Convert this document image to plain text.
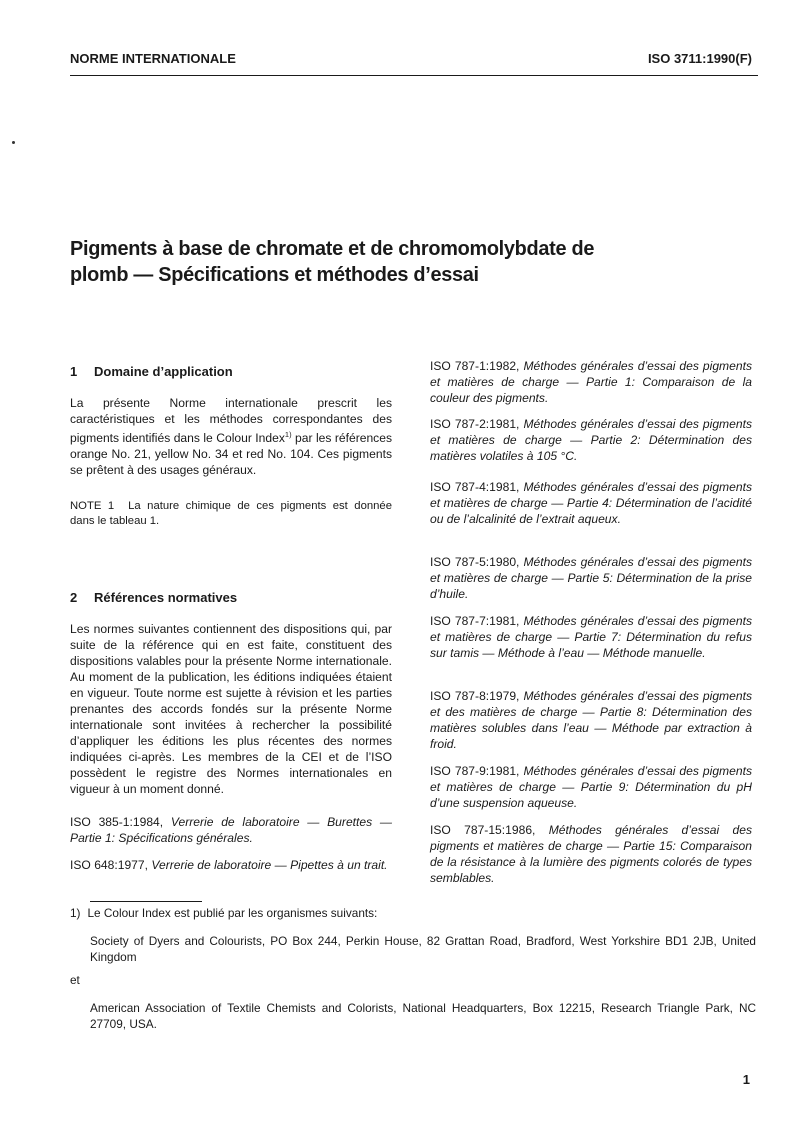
NORME INTERNATIONALE	ISO 3711:1990(F)
Pigments à base de chromate et de chromomolybdate de
plomb — Spécifications et méthodes d’essai
1 Domaine d’application
La présente Norme internationale prescrit les caractéristiques et les méthodes correspondantes des pigments identifiés dans le Colour Index$^{1)}$ par les références orange No. 21, yellow No. 34 et red No. 104. Ces pigments se prêtent à des usages généraux.
NOTE 1 La nature chimique de ces pigments est donnée dans le tableau 1.
2 Références normatives
Les normes suivantes contiennent des dispositions qui, par suite de la référence qui en est faite, constituent des dispositions valables pour la présente Norme internationale. Au moment de la publication, les éditions indiquées étaient en vigueur. Toute norme est sujette à révision et les parties prenantes des accords fondés sur la présente Norme internationale sont invitées à rechercher la possibilité d’appliquer les éditions les plus récentes des normes indiquées ci-après. Les membres de la CEI et de l’ISO possèdent le registre des Normes internationales en vigueur à un moment donné.
ISO 385-1:1984, Verrerie de laboratoire — Burettes — Partie 1: Spécifications générales.
ISO 648:1977, Verrerie de laboratoire — Pipettes à un trait.
ISO 787-1:1982, Méthodes générales d’essai des pigments et matières de charge — Partie 1: Comparaison de la couleur des pigments.
ISO 787-2:1981, Méthodes générales d’essai des pigments et matières de charge — Partie 2: Détermination des matières volatiles à 105 °C.
ISO 787-4:1981, Méthodes générales d’essai des pigments et matières de charge — Partie 4: Détermination de l’acidité ou de l’alcalinité de l’extrait aqueux.
ISO 787-5:1980, Méthodes générales d’essai des pigments et matières de charge — Partie 5: Détermination de la prise d’huile.
ISO 787-7:1981, Méthodes générales d’essai des pigments et matières de charge — Partie 7: Détermination du refus sur tamis — Méthode à l’eau — Méthode manuelle.
ISO 787-8:1979, Méthodes générales d’essai des pigments et des matières de charge — Partie 8: Détermination des matières solubles dans l’eau — Méthode par extraction à froid.
ISO 787-9:1981, Méthodes générales d’essai des pigments et matières de charge — Partie 9: Détermination du pH d’une suspension aqueuse.
ISO 787-15:1986, Méthodes générales d’essai des pigments et matières de charge — Partie 15: Comparaison de la résistance à la lumière des pigments colorés de types semblables.
1) Le Colour Index est publié par les organismes suivants:
Society of Dyers and Colourists, PO Box 244, Perkin House, 82 Grattan Road, Bradford, West Yorkshire BD1 2JB, United Kingdom
et
American Association of Textile Chemists and Colorists, National Headquarters, Box 12215, Research Triangle Park, NC 27709, USA.
1
